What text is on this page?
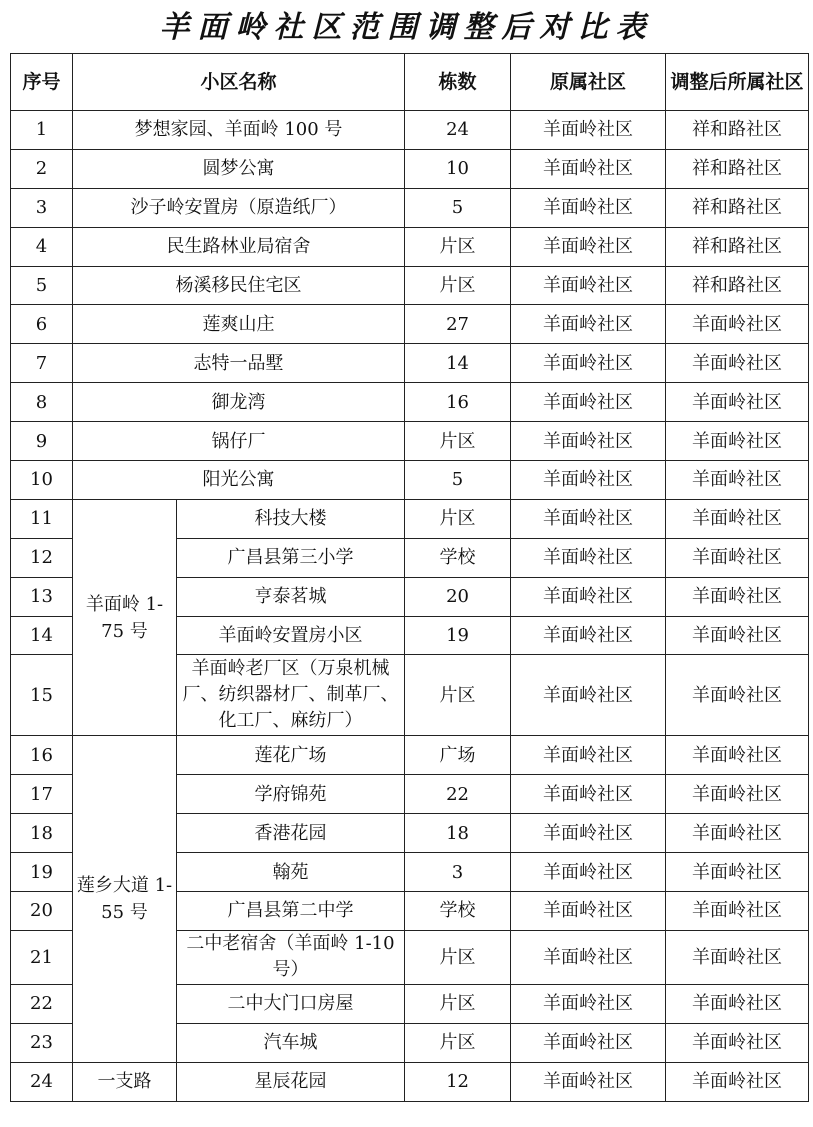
羊面岭社区范围调整后对比表
序号	小区名称		栋数	原属社区	调整后所属社区
1	梦想家园、羊面岭 100 号		24	羊面岭社区	祥和路社区
2	圆梦公寓		10	羊面岭社区	祥和路社区
3	沙子岭安置房（原造纸厂）		5	羊面岭社区	祥和路社区
4	民生路林业局宿舍		片区	羊面岭社区	祥和路社区
5	杨溪移民住宅区		片区	羊面岭社区	祥和路社区
6	莲爽山庄		27	羊面岭社区	羊面岭社区
7	志特一品墅		14	羊面岭社区	羊面岭社区
8	御龙湾		16	羊面岭社区	羊面岭社区
9	锅仔厂		片区	羊面岭社区	羊面岭社区
10	阳光公寓		5	羊面岭社区	羊面岭社区
11	羊面岭 1-75 号	科技大楼	片区	羊面岭社区	羊面岭社区
12		广昌县第三小学	学校	羊面岭社区	羊面岭社区
13		亨泰茗城	20	羊面岭社区	羊面岭社区
14		羊面岭安置房小区	19	羊面岭社区	羊面岭社区
15		羊面岭老厂区（万泉机械厂、纺织器材厂、制革厂、化工厂、麻纺厂）	片区	羊面岭社区	羊面岭社区
16	莲乡大道 1-55 号	莲花广场	广场	羊面岭社区	羊面岭社区
17		学府锦苑	22	羊面岭社区	羊面岭社区
18		香港花园	18	羊面岭社区	羊面岭社区
19		翰苑	3	羊面岭社区	羊面岭社区
20		广昌县第二中学	学校	羊面岭社区	羊面岭社区
21		二中老宿舍（羊面岭 1-10 号）	片区	羊面岭社区	羊面岭社区
22		二中大门口房屋	片区	羊面岭社区	羊面岭社区
23		汽车城	片区	羊面岭社区	羊面岭社区
24	一支路	星辰花园	12	羊面岭社区	羊面岭社区
